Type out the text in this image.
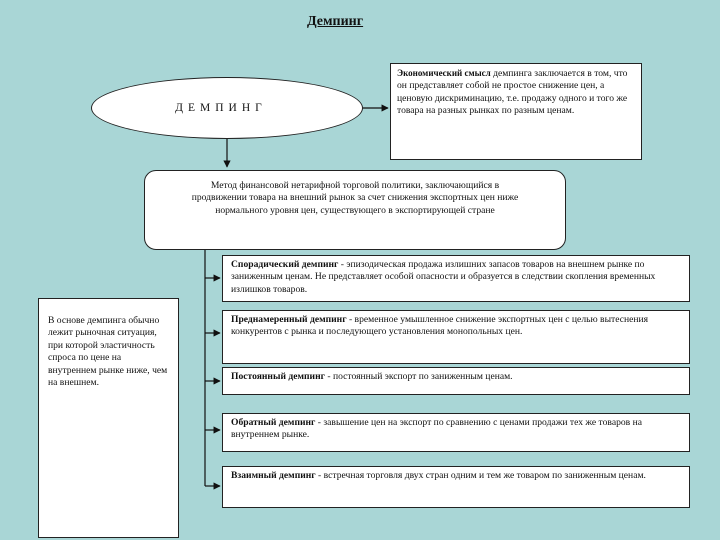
Демпинг
ДЕМПИНГ
Экономический смысл демпинга заключается в том, что он представляет собой не простое снижение цен, а ценовую дискриминацию, т.е. продажу одного и того же товара на разных рынках по разным ценам.
Метод финансовой нетарифной торговой политики, заключающийся в продвижении товара на внешний рынок за счет снижения экспортных цен ниже нормального уровня цен, существующего в экспортирующей стране
В основе демпинга обычно лежит рыночная ситуация, при которой эластичность спроса по цене на внутреннем рынке ниже, чем на внешнем.
Спорадический демпинг - эпизодическая продажа излишних запасов товаров на внешнем рынке по заниженным ценам. Не представляет особой опасности и образуется в следствии скопления временных излишков товаров.
Преднамеренный демпинг - временное умышленное снижение экспортных цен с целью вытеснения конкурентов с рынка и последующего установления монопольных цен.
Постоянный демпинг - постоянный экспорт по заниженным ценам.
Обратный демпинг - завышение цен на экспорт по сравнению с ценами продажи тех же товаров на внутреннем рынке.
Взаимный демпинг - встречная торговля двух стран одним и тем же товаром по заниженным ценам.
